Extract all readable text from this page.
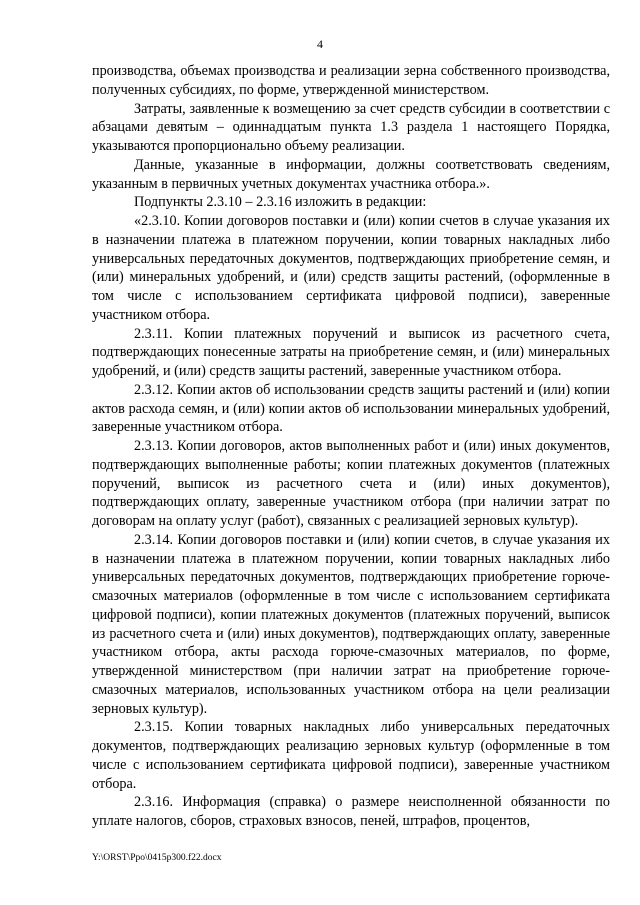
4

производства, объемах производства и реализации зерна собственного производства, полученных субсидиях, по форме, утвержденной министерством.

Затраты, заявленные к возмещению за счет средств субсидии в соответствии с абзацами девятым – одиннадцатым пункта 1.3 раздела 1 настоящего Порядка, указываются пропорционально объему реализации.

Данные, указанные в информации, должны соответствовать сведениям, указанным в первичных учетных документах участника отбора.».

Подпункты 2.3.10 – 2.3.16 изложить в редакции:

«2.3.10. Копии договоров поставки и (или) копии счетов в случае указания их в назначении платежа в платежном поручении, копии товарных накладных либо универсальных передаточных документов, подтверждающих приобретение семян, и (или) минеральных удобрений, и (или) средств защиты растений, (оформленные в том числе с использованием сертификата цифровой подписи), заверенные участником отбора.

2.3.11. Копии платежных поручений и выписок из расчетного счета, подтверждающих понесенные затраты на приобретение семян, и (или) минеральных удобрений, и (или) средств защиты растений, заверенные участником отбора.

2.3.12. Копии актов об использовании средств защиты растений и (или) копии актов расхода семян, и (или) копии актов об использовании минеральных удобрений, заверенные участником отбора.

2.3.13. Копии договоров, актов выполненных работ и (или) иных документов, подтверждающих выполненные работы; копии платежных документов (платежных поручений, выписок из расчетного счета и (или) иных документов), подтверждающих оплату, заверенные участником отбора (при наличии затрат по договорам на оплату услуг (работ), связанных с реализацией зерновых культур).

2.3.14. Копии договоров поставки и (или) копии счетов, в случае указания их в назначении платежа в платежном поручении, копии товарных накладных либо универсальных передаточных документов, подтверждающих приобретение горюче-смазочных материалов (оформленные в том числе с использованием сертификата цифровой подписи), копии платежных документов (платежных поручений, выписок из расчетного счета и (или) иных документов), подтверждающих оплату, заверенные участником отбора, акты расхода горюче-смазочных материалов, по форме, утвержденной министерством (при наличии затрат на приобретение горюче-смазочных материалов, использованных участником отбора на цели реализации зерновых культур).

2.3.15. Копии товарных накладных либо универсальных передаточных документов, подтверждающих реализацию зерновых культур (оформленные в том числе с использованием сертификата цифровой подписи), заверенные участником отбора.

2.3.16. Информация (справка) о размере неисполненной обязанности по уплате налогов, сборов, страховых взносов, пеней, штрафов, процентов,

Y:\ORST\Ppo\0415p300.f22.docx
